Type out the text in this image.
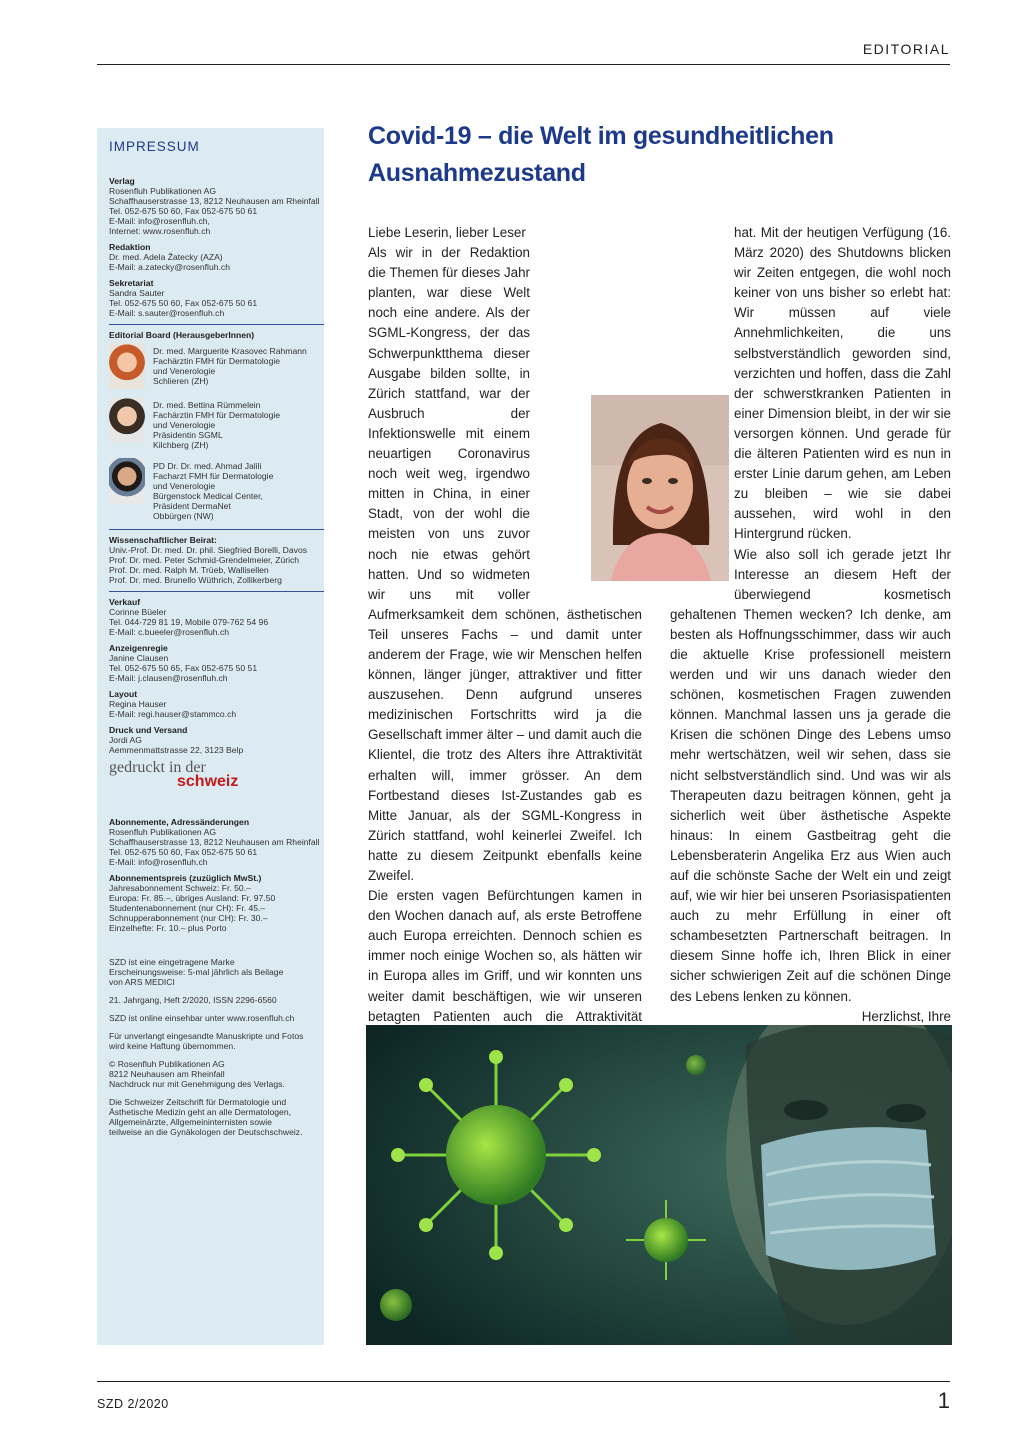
EDITORIAL
IMPRESSUM
Verlag
Rosenfluh Publikationen AG
Schaffhauserstrasse 13, 8212 Neuhausen am Rheinfall
Tel. 052-675 50 60, Fax 052-675 50 61
E-Mail: info@rosenfluh.ch,
Internet: www.rosenfluh.ch
Redaktion
Dr. med. Adela Žatecky (AZA)
E-Mail: a.zatecky@rosenfluh.ch
Sekretariat
Sandra Sauter
Tel. 052-675 50 60, Fax 052-675 50 61
E-Mail: s.sauter@rosenfluh.ch
Editorial Board (HerausgeberInnen)
Dr. med. Marguerite Krasovec Rahmann
Fachärztin FMH für Dermatologie
und Venerologie
Schlieren (ZH)
Dr. med. Bettina Rümmelein
Fachärztin FMH für Dermatologie
und Venerologie
Präsidentin SGML
Kilchberg (ZH)
PD Dr. Dr. med. Ahmad Jalili
Facharzt FMH für Dermatologie
und Venerologie
Bürgenstock Medical Center,
Präsident DermaNet
Obbürgen (NW)
Wissenschaftlicher Beirat:
Univ.-Prof. Dr. med. Dr. phil. Siegfried Borelli, Davos
Prof. Dr. med. Peter Schmid-Grendelmeier, Zürich
Prof. Dr. med. Ralph M. Trüeb, Wallisellen
Prof. Dr. med. Brunello Wüthrich, Zollikerberg
Verkauf
Corinne Büeler
Tel. 044-729 81 19, Mobile 079-762 54 96
E-Mail: c.bueeler@rosenfluh.ch
Anzeigenregie
Janine Clausen
Tel. 052-675 50 65, Fax 052-675 50 51
E-Mail: j.clausen@rosenfluh.ch
Layout
Regina Hauser
E-Mail: regi.hauser@stammco.ch
Druck und Versand
Jordi AG
Aemmenmattstrasse 22, 3123 Belp
gedruckt in der
schweiz
Abonnemente, Adressänderungen
Rosenfluh Publikationen AG
Schaffhauserstrasse 13, 8212 Neuhausen am Rheinfall
Tel. 052-675 50 60, Fax 052-675 50 61
E-Mail: info@rosenfluh.ch
Abonnementspreis (zuzüglich MwSt.)
Jahresabonnement Schweiz: Fr. 50.–
Europa: Fr. 85.–, übriges Ausland: Fr. 97.50
Studentenabonnement (nur CH): Fr. 45.–
Schnupperabonnement (nur CH): Fr. 30.–
Einzelhefte: Fr. 10.– plus Porto
SZD ist eine eingetragene Marke
Erscheinungsweise: 5-mal jährlich als Beilage
von ARS MEDICI
21. Jahrgang, Heft 2/2020, ISSN 2296-6560
SZD ist online einsehbar unter www.rosenfluh.ch
Für unverlangt eingesandte Manuskripte und Fotos
wird keine Haftung übernommen.
© Rosenfluh Publikationen AG
8212 Neuhausen am Rheinfall
Nachdruck nur mit Genehmigung des Verlags.
Die Schweizer Zeitschrift für Dermatologie und
Ästhetische Medizin geht an alle Dermatologen,
Allgemeinärzte, Allgemeininternisten sowie
teilweise an die Gynäkologen der Deutschschweiz.
Covid-19 – die Welt im gesundheitlichen Ausnahmezustand

Liebe Leserin, lieber Leser

Als wir in der Redaktion die Themen für dieses Jahr planten, war diese Welt noch eine andere. Als der SGML-Kongress, der das Schwerpunktthema dieser Ausgabe bilden sollte, in Zürich stattfand, war der Ausbruch der Infektionswelle mit einem neuartigen Coronavirus noch weit weg, irgendwo mitten in China, in einer Stadt, von der wohl die meisten von uns zuvor noch nie etwas gehört hatten. Und so widmeten wir uns mit voller Aufmerksamkeit dem schönen, ästhetischen Teil unseres Fachs – und damit unter anderem der Frage, wie wir Menschen helfen können, länger jünger, attraktiver und fitter auszusehen. Denn aufgrund unseres medizinischen Fortschritts wird ja die Gesellschaft immer älter – und damit auch die Klientel, die trotz des Alters ihre Attraktivität erhalten will, immer grösser. An dem Fortbestand dieses Ist-Zustandes gab es Mitte Januar, als der SGML-Kongress in Zürich stattfand, wohl keinerlei Zweifel. Ich hatte zu diesem Zeitpunkt ebenfalls keine Zweifel.

Die ersten vagen Befürchtungen kamen in den Wochen danach auf, als erste Betroffene auch Europa erreichten. Dennoch schien es immer noch einige Wochen so, als hätten wir in Europa alles im Griff, und wir konnten uns weiter damit beschäftigen, wie wir unseren betagten Patienten auch die Attraktivität

hat. Mit der heutigen Verfügung (16. März 2020) des Shutdowns blicken wir Zeiten entgegen, die wohl noch keiner von uns bisher so erlebt hat: Wir müssen auf viele Annehmlichkeiten, die uns selbstverständlich geworden sind, verzichten und hoffen, dass die Zahl der schwerstkranken Patienten in einer Dimension bleibt, in der wir sie versorgen können. Und gerade für die älteren Patienten wird es nun in erster Linie darum gehen, am Leben zu bleiben – wie sie dabei aussehen, wird wohl in den Hintergrund rücken.

Wie also soll ich gerade jetzt Ihr Interesse an diesem Heft der überwiegend kosmetisch gehaltenen Themen wecken? Ich denke, am besten als Hoffnungsschimmer, dass wir auch die aktuelle Krise professionell meistern werden und wir uns danach wieder den schönen, kosmetischen Fragen zuwenden können. Manchmal lassen uns ja gerade die Krisen die schönen Dinge des Lebens umso mehr wertschätzen, weil wir sehen, dass sie nicht selbstverständlich sind. Und was wir als Therapeuten dazu beitragen können, geht ja sicherlich weit über ästhetische Aspekte hinaus: In einem Gastbeitrag geht die Lebensberaterin Angelika Erz aus Wien auch auf die schönste Sache der Welt ein und zeigt auf, wie wir hier bei unseren Psoriasispatienten auch zu mehr Erfüllung in einer oft schambesetzten Partnerschaft beitragen. In diesem Sinne hoffe ich, Ihren Blick in einer sicher schwierigen Zeit auf die schönen Dinge des Lebens lenken zu können.

Herzlichst, Ihre

SZD 2/2020	1
